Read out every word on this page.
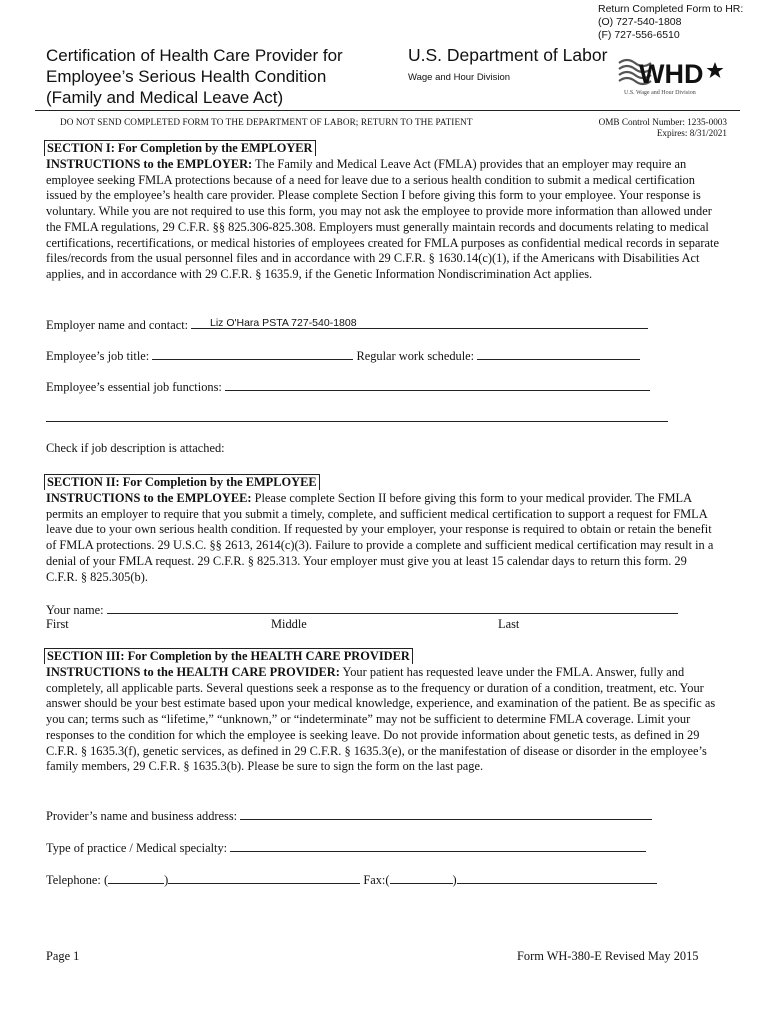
Return Completed Form to HR:
(O) 727-540-1808
(F) 727-556-6510
Certification of Health Care Provider for
Employee’s Serious Health Condition
(Family and Medical Leave Act)
U.S. Department of Labor
Wage and Hour Division	WHD
U.S. Wage and Hour Division
DO NOT SEND COMPLETED FORM TO THE DEPARTMENT OF LABOR; RETURN TO THE PATIENT	OMB Control Number: 1235-0003
Expires: 8/31/2021
SECTION I: For Completion by the EMPLOYER

INSTRUCTIONS to the EMPLOYER: The Family and Medical Leave Act (FMLA) provides that an employer may require an employee seeking FMLA protections because of a need for leave due to a serious health condition to submit a medical certification issued by the employee’s health care provider. Please complete Section I before giving this form to your employee. Your response is voluntary. While you are not required to use this form, you may not ask the employee to provide more information than allowed under the FMLA regulations, 29 C.F.R. §§ 825.306-825.308. Employers must generally maintain records and documents relating to medical certifications, recertifications, or medical histories of employees created for FMLA purposes as confidential medical records in separate files/records from the usual personnel files and in accordance with 29 C.F.R. § 1630.14(c)(1), if the Americans with Disabilities Act applies, and in accordance with 29 C.F.R. § 1635.9, if the Genetic Information Nondiscrimination Act applies.

Employer name and contact: Liz O'Hara PSTA 727-540-1808
Employee’s job title:	Regular work schedule:
Employee’s essential job functions:
Check if job description is attached:
SECTION II: For Completion by the EMPLOYEE

INSTRUCTIONS to the EMPLOYEE: Please complete Section II before giving this form to your medical provider. The FMLA permits an employer to require that you submit a timely, complete, and sufficient medical certification to support a request for FMLA leave due to your own serious health condition. If requested by your employer, your response is required to obtain or retain the benefit of FMLA protections. 29 U.S.C. §§ 2613, 2614(c)(3). Failure to provide a complete and sufficient medical certification may result in a denial of your FMLA request. 29 C.F.R. § 825.313. Your employer must give you at least 15 calendar days to return this form. 29 C.F.R. § 825.305(b).

Your name:
First	Middle	Last
SECTION III: For Completion by the HEALTH CARE PROVIDER

INSTRUCTIONS to the HEALTH CARE PROVIDER: Your patient has requested leave under the FMLA. Answer, fully and completely, all applicable parts. Several questions seek a response as to the frequency or duration of a condition, treatment, etc. Your answer should be your best estimate based upon your medical knowledge, experience, and examination of the patient. Be as specific as you can; terms such as “lifetime,” “unknown,” or “indeterminate” may not be sufficient to determine FMLA coverage. Limit your responses to the condition for which the employee is seeking leave. Do not provide information about genetic tests, as defined in 29 C.F.R. § 1635.3(f), genetic services, as defined in 29 C.F.R. § 1635.3(e), or the manifestation of disease or disorder in the employee’s family members, 29 C.F.R. § 1635.3(b). Please be sure to sign the form on the last page.

Provider’s name and business address:
Type of practice / Medical specialty:
Telephone: (	)	Fax:(	)
Page 1	Form WH-380-E Revised May 2015
